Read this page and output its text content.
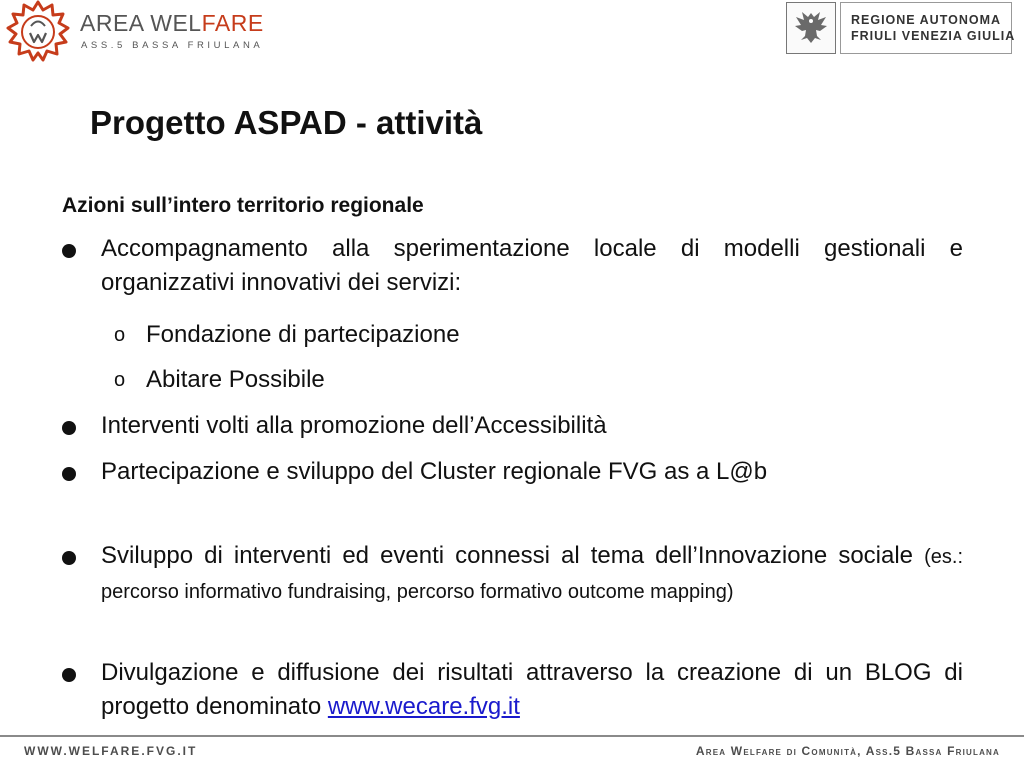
AREA WELFARE
ASS.5 BASSA FRIULANA
REGIONE AUTONOMA
FRIULI VENEZIA GIULIA
Progetto ASPAD - attività
Azioni sull’intero territorio regionale
Accompagnamento alla sperimentazione locale di modelli gestionali e organizzativi innovativi dei servizi:
o Fondazione di partecipazione
o Abitare Possibile
Interventi volti alla promozione dell’Accessibilità
Partecipazione e sviluppo del Cluster regionale FVG as a L@b
Sviluppo di interventi ed eventi connessi al tema dell’Innovazione sociale (es.: percorso informativo fundraising, percorso formativo outcome mapping)
Divulgazione e diffusione dei risultati attraverso la creazione di un BLOG di progetto denominato www.wecare.fvg.it
WWW.WELFARE.FVG.IT	Area Welfare di Comunità, Ass.5 Bassa Friulana
